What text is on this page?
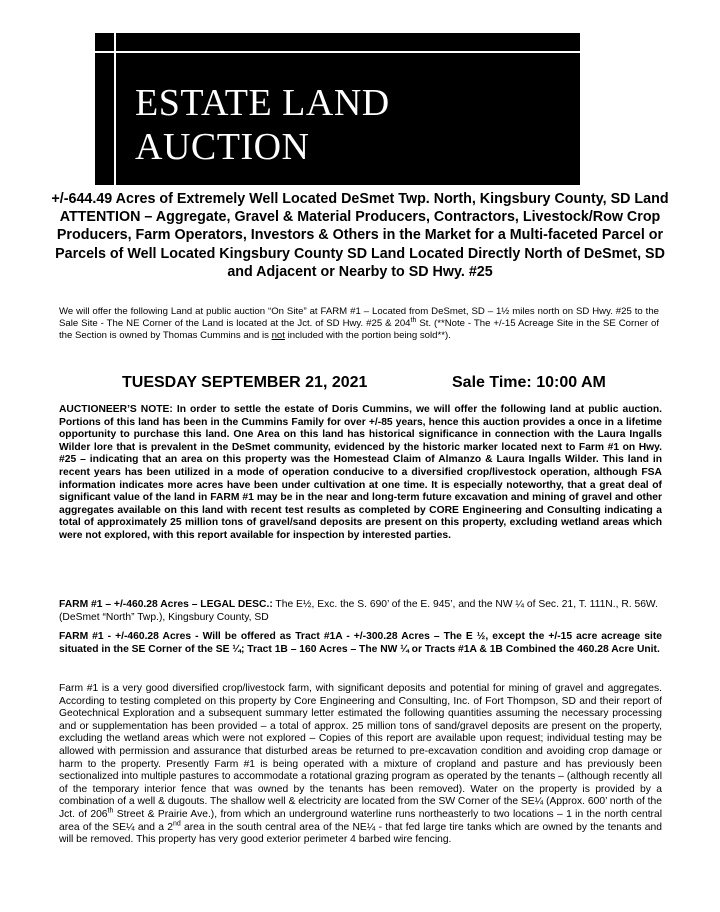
ESTATE LAND
AUCTION
+/-644.49 Acres of Extremely Well Located DeSmet Twp. North, Kingsbury County, SD Land ATTENTION – Aggregate, Gravel & Material Producers, Contractors, Livestock/Row Crop Producers, Farm Operators, Investors & Others in the Market for a Multi-faceted Parcel or Parcels of Well Located Kingsbury County SD Land Located Directly North of DeSmet, SD and Adjacent or Nearby to SD Hwy. #25
We will offer the following Land at public auction “On Site” at FARM #1 – Located from DeSmet, SD – 1½ miles north on SD Hwy. #25 to the Sale Site - The NE Corner of the Land is located at the Jct. of SD Hwy. #25 & 204th St. (**Note - The +/-15 Acreage Site in the SE Corner of the Section is owned by Thomas Cummins and is not included with the portion being sold**).
TUESDAY SEPTEMBER 21, 2021	Sale Time: 10:00 AM
AUCTIONEER’S NOTE: In order to settle the estate of Doris Cummins, we will offer the following land at public auction. Portions of this land has been in the Cummins Family for over +/-85 years, hence this auction provides a once in a lifetime opportunity to purchase this land. One Area on this land has historical significance in connection with the Laura Ingalls Wilder lore that is prevalent in the DeSmet community, evidenced by the historic marker located next to Farm #1 on Hwy. #25 – indicating that an area on this property was the Homestead Claim of Almanzo & Laura Ingalls Wilder. This land in recent years has been utilized in a mode of operation conducive to a diversified crop/livestock operation, although FSA information indicates more acres have been under cultivation at one time. It is especially noteworthy, that a great deal of significant value of the land in FARM #1 may be in the near and long-term future excavation and mining of gravel and other aggregates available on this land with recent test results as completed by CORE Engineering and Consulting indicating a total of approximately 25 million tons of gravel/sand deposits are present on this property, excluding wetland areas which were not explored, with this report available for inspection by interested parties.
FARM #1 – +/-460.28 Acres – LEGAL DESC.: The E½, Exc. the S. 690’ of the E. 945’, and the NW ¼ of Sec. 21, T. 111N., R. 56W. (DeSmet “North” Twp.), Kingsbury County, SD
FARM #1 - +/-460.28 Acres - Will be offered as Tract #1A - +/-300.28 Acres – The E ½, except the +/-15 acre acreage site situated in the SE Corner of the SE ¼; Tract 1B – 160 Acres – The NW ¼ or Tracts #1A & 1B Combined the 460.28 Acre Unit.
Farm #1 is a very good diversified crop/livestock farm, with significant deposits and potential for mining of gravel and aggregates. According to testing completed on this property by Core Engineering and Consulting, Inc. of Fort Thompson, SD and their report of Geotechnical Exploration and a subsequent summary letter estimated the following quantities assuming the necessary processing and or supplementation has been provided – a total of approx. 25 million tons of sand/gravel deposits are present on the property, excluding the wetland areas which were not explored – Copies of this report are available upon request; individual testing may be allowed with permission and assurance that disturbed areas be returned to pre-excavation condition and avoiding crop damage or harm to the property. Presently Farm #1 is being operated with a mixture of cropland and pasture and has previously been sectionalized into multiple pastures to accommodate a rotational grazing program as operated by the tenants – (although recently all of the temporary interior fence that was owned by the tenants has been removed). Water on the property is provided by a combination of a well & dugouts. The shallow well & electricity are located from the SW Corner of the SE¼ (Approx. 600’ north of the Jct. of 206th Street & Prairie Ave.), from which an underground waterline runs northeasterly to two locations – 1 in the north central area of the SE¼ and a 2nd area in the south central area of the NE¼ - that fed large tire tanks which are owned by the tenants and will be removed. This property has very good exterior perimeter 4 barbed wire fencing.
